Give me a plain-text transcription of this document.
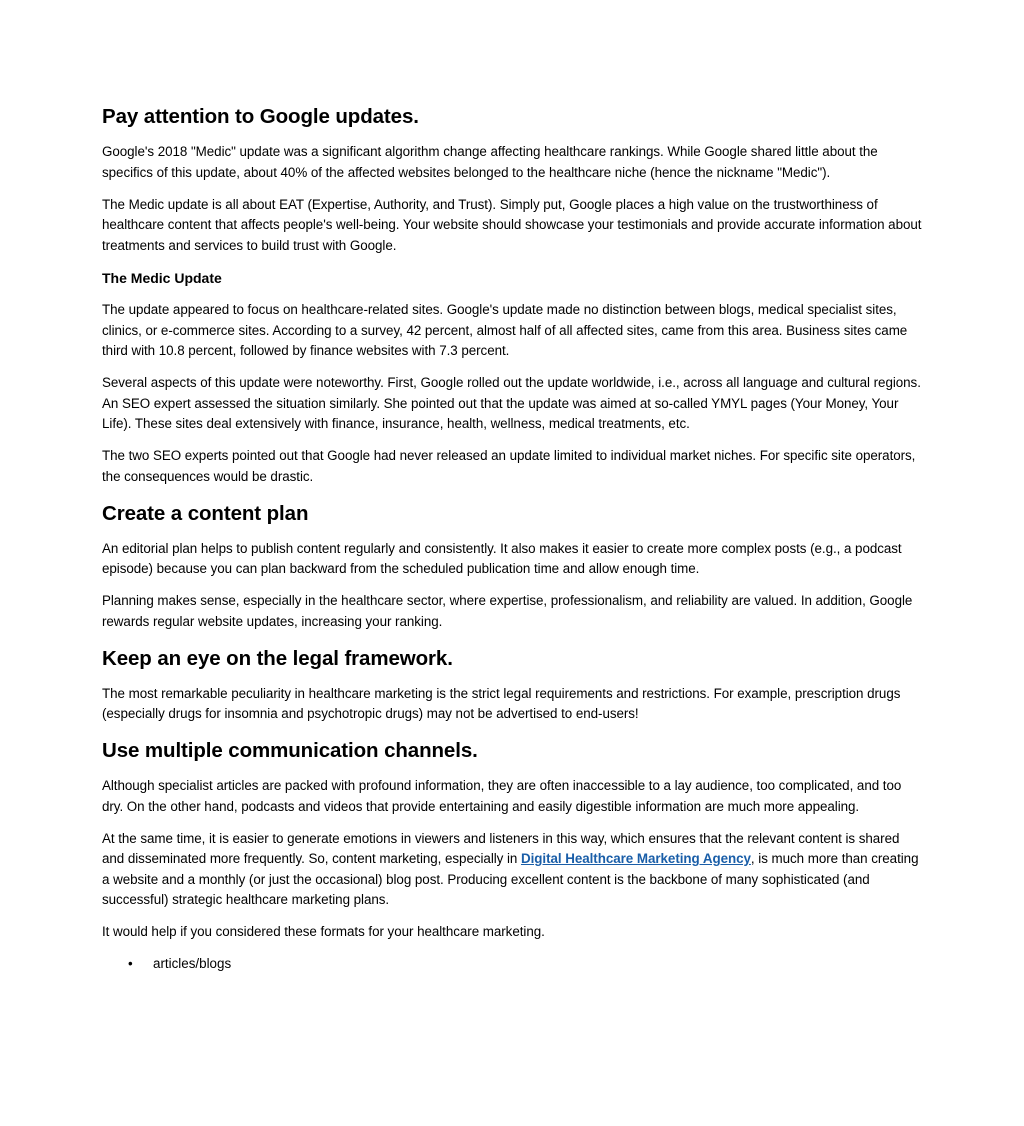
Pay attention to Google updates.

Google's 2018 "Medic" update was a significant algorithm change affecting healthcare rankings. While Google shared little about the specifics of this update, about 40% of the affected websites belonged to the healthcare niche (hence the nickname "Medic").

The Medic update is all about EAT (Expertise, Authority, and Trust). Simply put, Google places a high value on the trustworthiness of healthcare content that affects people's well-being. Your website should showcase your testimonials and provide accurate information about treatments and services to build trust with Google.

The Medic Update

The update appeared to focus on healthcare-related sites. Google's update made no distinction between blogs, medical specialist sites, clinics, or e-commerce sites. According to a survey, 42 percent, almost half of all affected sites, came from this area. Business sites came third with 10.8 percent, followed by finance websites with 7.3 percent.

Several aspects of this update were noteworthy. First, Google rolled out the update worldwide, i.e., across all language and cultural regions. An SEO expert assessed the situation similarly. She pointed out that the update was aimed at so-called YMYL pages (Your Money, Your Life). These sites deal extensively with finance, insurance, health, wellness, medical treatments, etc.

The two SEO experts pointed out that Google had never released an update limited to individual market niches. For specific site operators, the consequences would be drastic.

Create a content plan

An editorial plan helps to publish content regularly and consistently. It also makes it easier to create more complex posts (e.g., a podcast episode) because you can plan backward from the scheduled publication time and allow enough time.

Planning makes sense, especially in the healthcare sector, where expertise, professionalism, and reliability are valued. In addition, Google rewards regular website updates, increasing your ranking.

Keep an eye on the legal framework.

The most remarkable peculiarity in healthcare marketing is the strict legal requirements and restrictions. For example, prescription drugs (especially drugs for insomnia and psychotropic drugs) may not be advertised to end-users!

Use multiple communication channels.

Although specialist articles are packed with profound information, they are often inaccessible to a lay audience, too complicated, and too dry. On the other hand, podcasts and videos that provide entertaining and easily digestible information are much more appealing.

At the same time, it is easier to generate emotions in viewers and listeners in this way, which ensures that the relevant content is shared and disseminated more frequently. So, content marketing, especially in Digital Healthcare Marketing Agency, is much more than creating a website and a monthly (or just the occasional) blog post. Producing excellent content is the backbone of many sophisticated (and successful) strategic healthcare marketing plans.

It would help if you considered these formats for your healthcare marketing.

• articles/blogs
